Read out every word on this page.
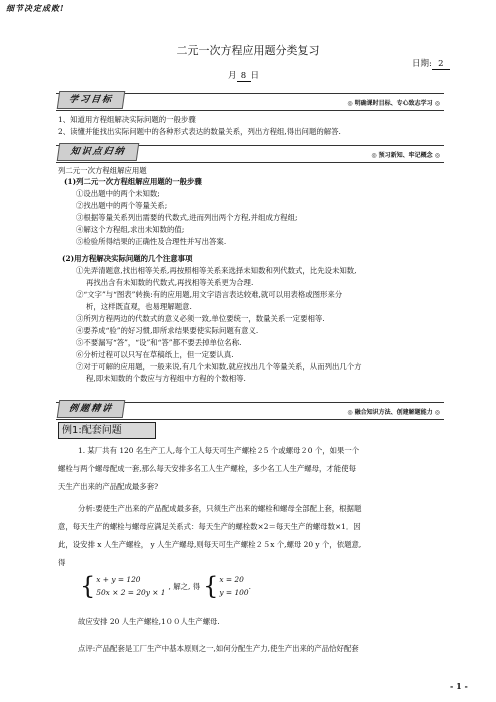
细节决定成败!
二元一次方程应用题分类复习
日期: 2
月 8 日
◎ 明确课时目标、专心致志学习 ◎
学习目标
1、知道用方程组解决实际问题的一般步骤
2、读懂并能找出实际问题中的各种形式表达的数量关系，列出方程组,得出问题的解答.
◎ 预习新知、牢记概念 ◎
知识点归纳
列二元一次方程组解应用题
(1)列二元一次方程组解应用题的一般步骤
①设出题中的两个未知数;
②找出题中的两个等量关系;
③根据等量关系列出需要的代数式,进而列出两个方程,并组成方程组;
④解这个方程组,求出未知数的值;
⑤检验所得结果的正确性及合理性并写出答案.
(2)用方程解决实际问题的几个注意事项
①先弄清题意,找出相等关系,再按照相等关系来选择未知数和列代数式，比先设未知数,
再找出含有未知数的代数式,再找相等关系更为合理.
②“文字”与“图表”转换:有的应用题,用文字语言表达较难,就可以用表格或图形来分
析，这样既直观，也易理解题意.
③所列方程两边的代数式的意义必须一致,单位要统一，数量关系一定要相等.
④要养成“验”的好习惯,即所求结果要使实际问题有意义.
⑤不要漏写“答”，“设”和“答”都不要丢掉单位名称.
⑥分析过程可以只写在草稿纸上，但一定要认真.
⑦对于可解的应用题，一般来说,有几个未知数,就应找出几个等量关系，从而列出几个方
程,即未知数的个数应与方程组中方程的个数相等.
◎ 融合知识方法、创建解题能力 ◎
例题精讲
例1:配套问题
1. 某厂共有 120 名生产工人,每个工人每天可生产螺栓２5 个或螺母２0 个，如果一个
螺栓与两个螺母配成一套,那么每天安排多名工人生产螺栓，多少名工人生产螺母，才能使每
天生产出来的产品配成最多套?
分析:要使生产出来的产品配成最多套，只须生产出来的螺栓和螺母全部配上套，根据题
意，每天生产的螺栓与螺母应满足关系式：每天生产的螺栓数×2＝每天生产的螺母数×1．因
此，设安排 x 人生产螺栓， y 人生产螺母,则每天可生产螺栓２５x 个,螺母 20 y 个，依题意,
得
{ x + y = 120
50x × 2 = 20y × 1
, 解之, 得 { x = 20
y = 100
.
故应安排 20 人生产螺栓,1００人生产螺母.
点评:产品配套是工厂生产中基本原则之一,如何分配生产力,使生产出来的产品恰好配套
- 1 -
